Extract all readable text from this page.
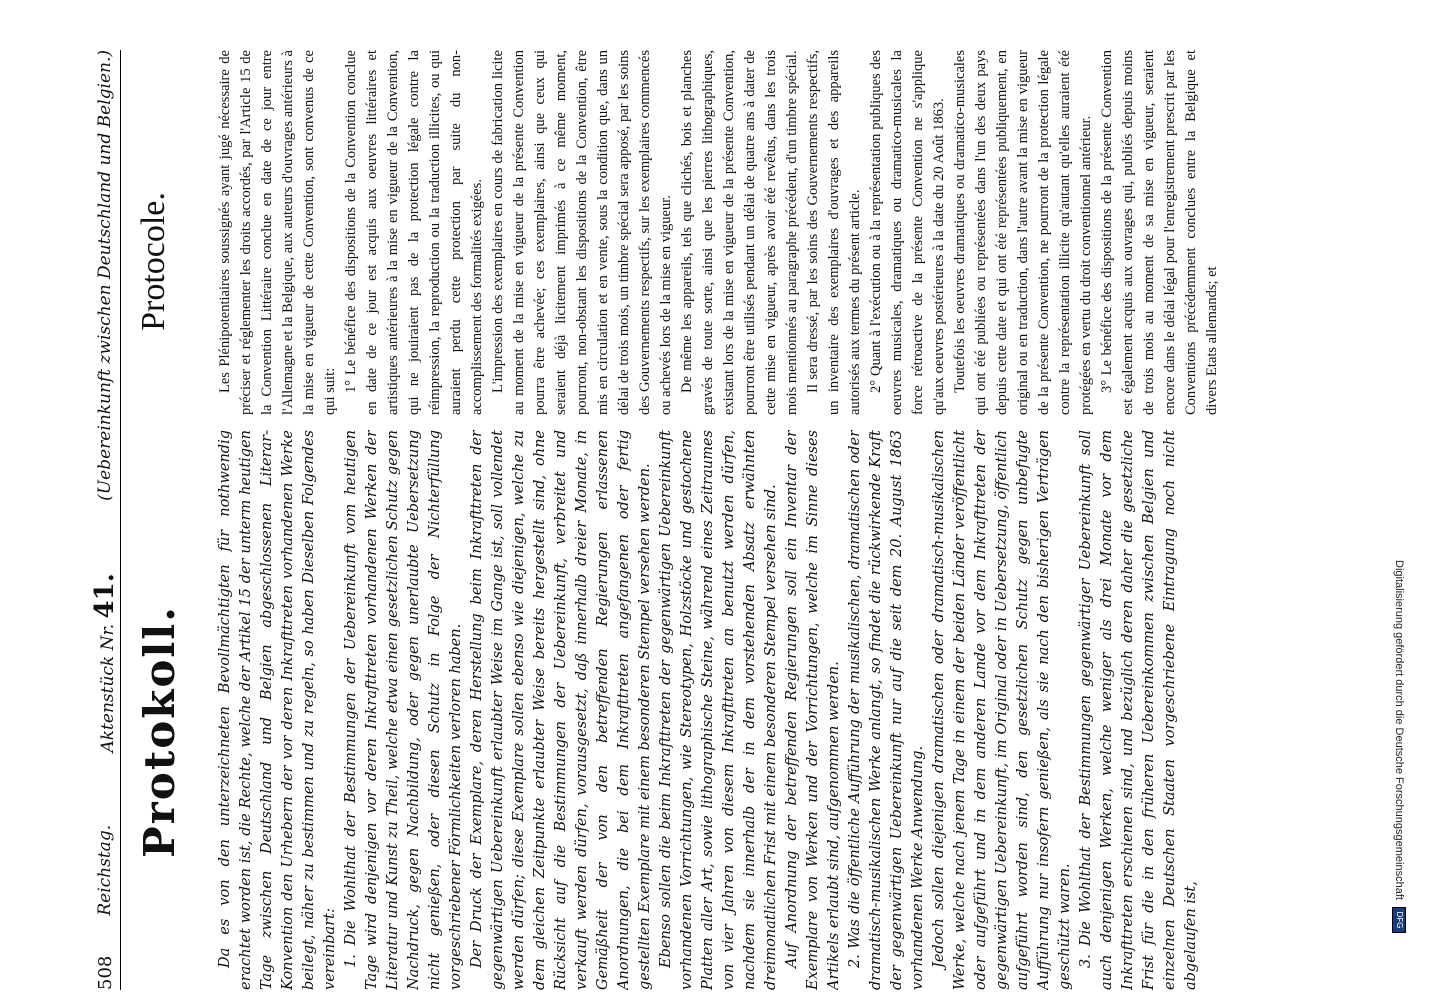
508
Reichstag.
Aktenstück Nr. 41.
(Uebereinkunft zwischen Deutschland und Belgien.)
Protokoll.
Protocole.

Da es von den unterzeichneten Bevollmächtigten für nothwendig erachtet worden ist, die Rechte, welche der Artikel 15 der unterm heutigen Tage zwischen Deutschland und Belgien abgeschlossenen Literar-Konvention den Urhebern der vor deren Inkrafttreten vorhandenen Werke beilegt, näher zu bestimmen und zu regeln, so haben Dieselben Folgendes vereinbart: 1. Die Wohlthat der Bestimmungen der Uebereinkunft vom heutigen Tage wird denjenigen vor deren Inkrafttreten vorhandenen Werken der Literatur und Kunst zu Theil, welche etwa einen gesetzlichen Schutz gegen Nachdruck, gegen Nachbildung, oder gegen unerlaubte Uebersetzung nicht genießen, oder diesen Schutz in Folge der Nichterfüllung vorgeschriebener Förmlichkeiten verloren haben. Der Druck der Exemplare, deren Herstellung beim Inkrafttreten der gegenwärtigen Uebereinkunft erlaubter Weise im Gange ist, soll vollendet werden dürfen; diese Exemplare sollen ebenso wie diejenigen, welche zu dem gleichen Zeitpunkte erlaubter Weise bereits hergestellt sind, ohne Rücksicht auf die Bestimmungen der Uebereinkunft, verbreitet und verkauft werden dürfen, vorausgesetzt, daß innerhalb dreier Monate, in Gemäßheit der von den betreffenden Regierungen erlassenen Anordnungen, die bei dem Inkrafttreten angefangenen oder fertig gestellten Exemplare mit einem besonderen Stempel versehen werden. Ebenso sollen die beim Inkrafttreten der gegenwärtigen Uebereinkunft vorhandenen Vorrichtungen, wie Stereotypen, Holzstöcke und gestochene Platten aller Art, sowie lithographische Steine, während eines Zeitraumes von vier Jahren von diesem Inkrafttreten an benutzt werden dürfen, nachdem sie innerhalb der in dem vorstehenden Absatz erwähnten dreimonatlichen Frist mit einem besonderen Stempel versehen sind. Auf Anordnung der betreffenden Regierungen soll ein Inventar der Exemplare von Werken und der Vorrichtungen, welche im Sinne dieses Artikels erlaubt sind, aufgenommen werden. 2. Was die öffentliche Aufführung der musikalischen, dramatischen oder dramatisch-musikalischen Werke anlangt, so findet die rückwirkende Kraft der gegenwärtigen Uebereinkunft nur auf die seit dem 20. August 1863 vorhandenen Werke Anwendung. Jedoch sollen diejenigen dramatischen oder dramatisch-musikalischen Werke, welche nach jenem Tage in einem der beiden Länder veröffentlicht oder aufgeführt und in dem anderen Lande vor dem Inkrafttreten der gegenwärtigen Uebereinkunft, im Original oder in Uebersetzung, öffentlich aufgeführt worden sind, den gesetzlichen Schutz gegen unbefugte Aufführung nur insofern genießen, als sie nach den bisherigen Verträgen geschützt waren. 3. Die Wohlthat der Bestimmungen gegenwärtiger Uebereinkunft soll auch denjenigen Werken, welche weniger als drei Monate vor dem Inkrafttreten erschienen sind, und bezüglich deren daher die gesetzliche Frist für die in den früheren Uebereinkommen zwischen Belgien und einzelnen Deutschen Staaten vorgeschriebene Eintragung noch nicht abgelaufen ist,

Les Plénipotentiaires soussignés ayant jugé nécessaire de préciser et réglementer les droits accordés, par l'Article 15 de la Convention Littéraire conclue en date de ce jour entre l'Allemagne et la Belgique, aux auteurs d'ouvrages antérieurs à la mise en vigueur de cette Convention, sont convenus de ce qui suit: 1° Le bénéfice des dispositions de la Convention conclue en date de ce jour est acquis aux oeuvres littéraires et artistiques antérieures à la mise en vigueur de la Convention, qui ne jouiraient pas de la protection légale contre la réimpression, la reproduction ou la traduction illicites, ou qui auraient perdu cette protection par suite du non-accomplissement des formalités exigées. L'impression des exemplaires en cours de fabrication licite au moment de la mise en vigueur de la présente Convention pourra être achevée; ces exemplaires, ainsi que ceux qui seraient déjà licitement imprimés à ce même moment, pourront, non-obstant les dispositions de la Convention, être mis en circulation et en vente, sous la condition que, dans un délai de trois mois, un timbre spécial sera apposé, par les soins des Gouvernements respectifs, sur les exemplaires commencés ou achevés lors de la mise en vigueur. De même les appareils, tels que clichés, bois et planches gravés de toute sorte, ainsi que les pierres lithographiques, existant lors de la mise en vigueur de la présente Convention, pourront être utilisés pendant un délai de quatre ans à dater de cette mise en vigueur, après avoir été revêtus, dans les trois mois mentionnés au paragraphe précédent, d'un timbre spécial. Il sera dressé, par les soins des Gouvernements respectifs, un inventaire des exemplaires d'ouvrages et des appareils autorisés aux termes du présent article. 2° Quant à l'exécution ou à la représentation publiques des oeuvres musicales, dramatiques ou dramatico-musicales la force rétroactive de la présente Convention ne s'applique qu'aux oeuvres postérieures à la date du 20 Août 1863. Toutefois les oeuvres dramatiques ou dramatico-musicales qui ont été publiées ou représentées dans l'un des deux pays depuis cette date et qui ont été représentées publiquement, en original ou en traduction, dans l'autre avant la mise en vigueur de la présente Convention, ne pourront de la protection légale contre la représentation illicite qu'autant qu'elles auraient été protégées en vertu du droit conventionnel antérieur. 3° Le bénéfice des dispositions de la présente Convention est également acquis aux ouvrages qui, publiés depuis moins de trois mois au moment de sa mise en vigueur, seraient encore dans le délai légal pour l'enregistrement prescrit par les Conventions précédemment conclues entre la Belgique et divers Etats allemands; et

Digitalisierung gefördert durch die Deutsche Forschungsgemeinschaft DFG
